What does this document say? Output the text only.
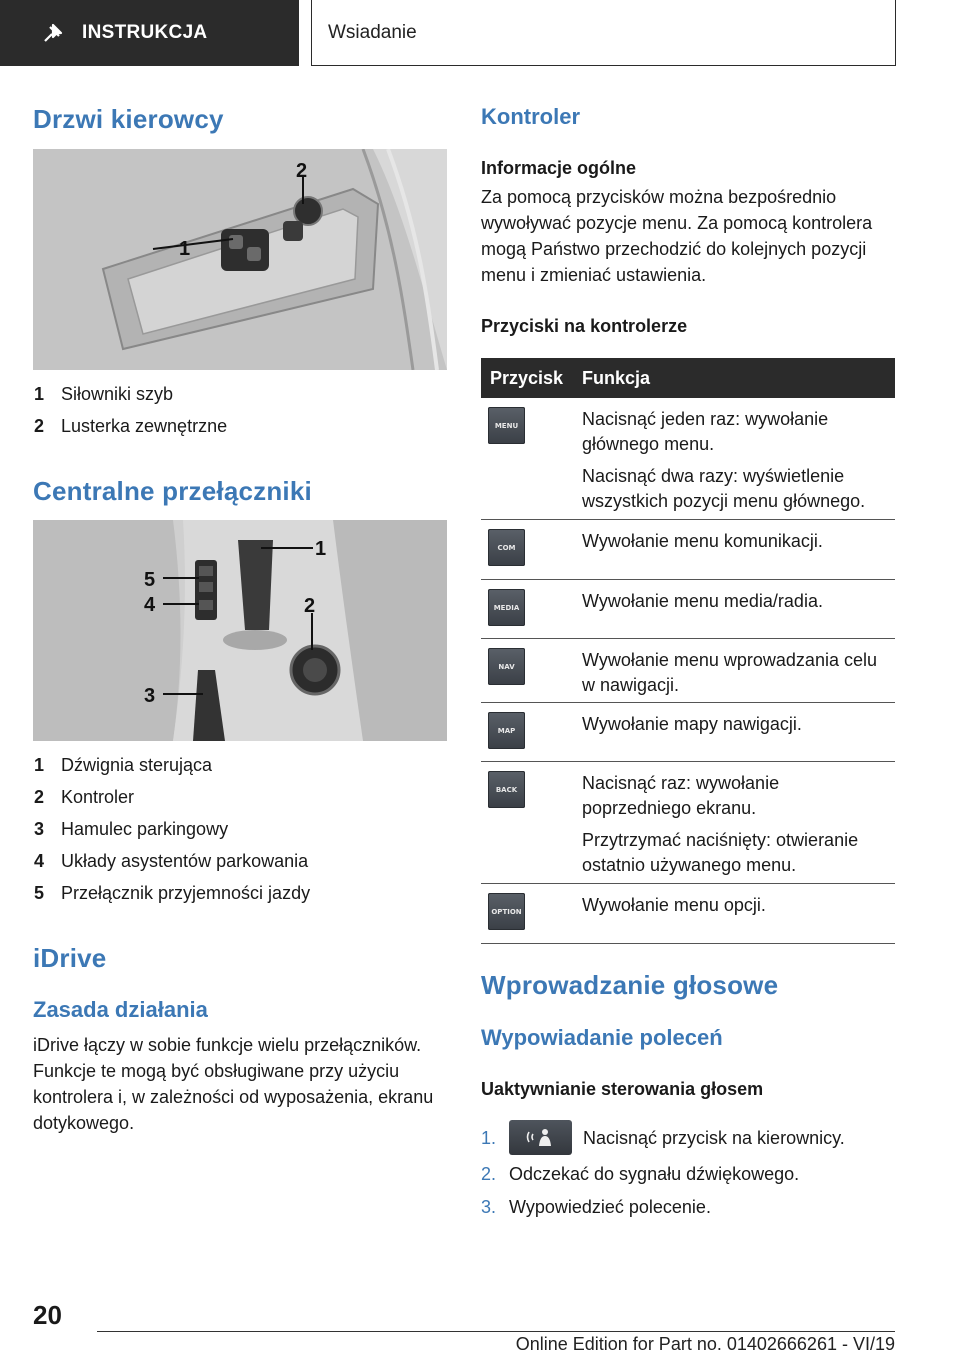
INSTRUKCJA	Wsiadanie
Drzwi kierowcy
1
2
1 Siłowniki szyb
2 Lusterka zewnętrzne
Centralne przełączniki
1
5
4	2
3
1 Dźwignia sterująca
2 Kontroler
3 Hamulec parkingowy
4 Układy asystentów parkowania
5 Przełącznik przyjemności jazdy
iDrive
Zasada działania
iDrive łączy w sobie funkcje wielu przełączników. Funkcje te mogą być obsługiwane przy użyciu kontrolera i, w zależności od wyposażenia, ekranu dotykowego.
Kontroler
Informacje ogólne
Za pomocą przycisków można bezpośrednio wywoływać pozycje menu. Za pomocą kontrolera mogą Państwo przechodzić do kolejnych pozycji menu i zmieniać ustawienia.
Przyciski na kontrolerze
Przycisk	Funkcja
MENU	Nacisnąć jeden raz: wywołanie głównego menu.

Nacisnąć dwa razy: wyświetlenie wszystkich pozycji menu głównego.

COM	Wywołanie menu komunikacji.

MEDIA	Wywołanie menu media/radia.

NAV	Wywołanie menu wprowadzania celu w nawigacji.

MAP	Wywołanie mapy nawigacji.

BACK	Nacisnąć raz: wywołanie poprzedniego ekranu.

Przytrzymać naciśnięty: otwieranie ostatnio używanego menu.

OPTION	Wywołanie menu opcji.

Wprowadzanie głosowe
Wypowiadanie poleceń
Uaktywnianie sterowania głosem
1.	Nacisnąć przycisk na kierownicy.
2. Odczekać do sygnału dźwiękowego.
3. Wypowiedzieć polecenie.
20
Online Edition for Part no. 01402666261 - VI/19
